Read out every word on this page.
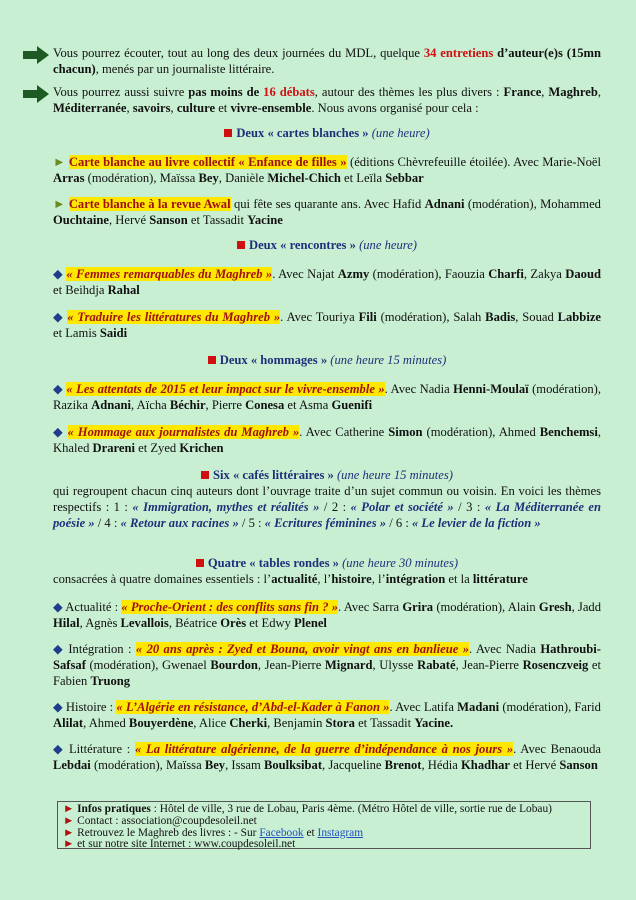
Vous pourrez écouter, tout au long des deux journées du MDL, quelque 34 entretiens d’auteur(e)s (15mn chacun), menés par un journaliste littéraire.
Vous pourrez aussi suivre pas moins de 16 débats, autour des thèmes les plus divers : France, Maghreb, Méditerranée, savoirs, culture et vivre-ensemble. Nous avons organisé pour cela :
Deux « cartes blanches » (une heure)
► Carte blanche au livre collectif « Enfance de filles » (éditions Chèvrefeuille étoilée). Avec Marie-Noël Arras (modération), Maïssa Bey, Danièle Michel-Chich et Leïla Sebbar
► Carte blanche à la revue Awal qui fête ses quarante ans. Avec Hafid Adnani (modération), Mohammed Ouchtaine, Hervé Sanson et Tassadit Yacine
Deux « rencontres » (une heure)
◆ « Femmes remarquables du Maghreb ». Avec Najat Azmy (modération), Faouzia Charfi, Zakya Daoud et Beihdja Rahal
◆ « Traduire les littératures du Maghreb ». Avec Touriya Fili (modération), Salah Badis, Souad Labbize et Lamis Saidi
Deux « hommages » (une heure 15 minutes)
◆ « Les attentats de 2015 et leur impact sur le vivre-ensemble ». Avec Nadia Henni-Moulaï (modération), Razika Adnani, Aïcha Béchir, Pierre Conesa et Asma Guenifi
◆ « Hommage aux journalistes du Maghreb ». Avec Catherine Simon (modération), Ahmed Benchemsi, Khaled Drareni et Zyed Krichen
Six « cafés littéraires » (une heure 15 minutes)
qui regroupent chacun cinq auteurs dont l’ouvrage traite d’un sujet commun ou voisin. En voici les thèmes respectifs : 1 : « Immigration, mythes et réalités » / 2 : « Polar et société » / 3 : « La Méditerranée en poésie » / 4 : « Retour aux racines » / 5 : « Ecritures féminines » / 6 : « Le levier de la fiction »
Quatre « tables rondes » (une heure 30 minutes)
consacrées à quatre domaines essentiels : l’actualité, l’histoire, l’intégration et la littérature
◆ Actualité : « Proche-Orient : des conflits sans fin ? ». Avec Sarra Grira (modération), Alain Gresh, Jadd Hilal, Agnès Levallois, Béatrice Orès et Edwy Plenel
◆ Intégration : « 20 ans après : Zyed et Bouna, avoir vingt ans en banlieue ». Avec Nadia Hathroubi-Safsaf (modération), Gwenael Bourdon, Jean-Pierre Mignard, Ulysse Rabaté, Jean-Pierre Rosenczveig et Fabien Truong
◆ Histoire : « L’Algérie en résistance, d’Abd-el-Kader à Fanon ». Avec Latifa Madani (modération), Farid Alilat, Ahmed Bouyerdène, Alice Cherki, Benjamin Stora et Tassadit Yacine.
◆ Littérature : « La littérature algérienne, de la guerre d’indépendance à nos jours ». Avec Benaouda Lebdai (modération), Maïssa Bey, Issam Boulksibat, Jacqueline Brenot, Hédia Khadhar et Hervé Sanson
► Infos pratiques : Hôtel de ville, 3 rue de Lobau, Paris 4ème. (Métro Hôtel de ville, sortie rue de Lobau)
► Contact : association@coupdesoleil.net
► Retrouvez le Maghreb des livres : - Sur Facebook et Instagram
► et sur notre site Internet : www.coupdesoleil.net
